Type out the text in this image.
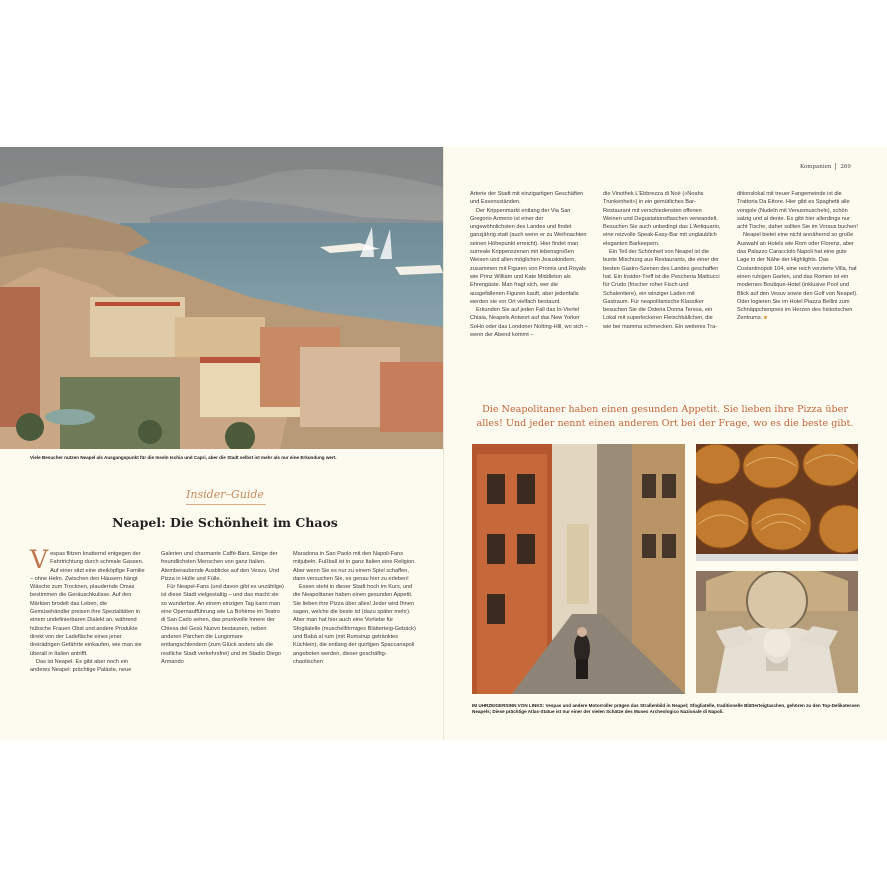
Viele Besucher nutzen Neapel als Ausgangspunkt für die Inseln Ischia und Capri, aber die Stadt selbst ist mehr als nur eine Erkundung wert.
Insider–Guide
Neapel: Die Schönheit im Chaos

Vespas flitzen knatternd entgegen der Fahrtrichtung durch schmale Gassen. Auf einer sitzt eine dreiköpfige Familie – ohne Helm. Zwischen den Häusern hängt Wäsche zum Trocknen, plaudernde Omas bestimmen die Geräuschkulisse. Auf den Märkten brodelt das Leben, die Gemüsehändler preisen ihre Spezialitäten in einem undefinierbaren Dialekt an, während hübsche Frauen Obst und andere Produkte direkt von der Ladefläche eines jener dreirädrigen Gefährte einkaufen, wie man sie überall in Italien antrifft.

Das ist Neapel. Es gibt aber noch ein anderes Neapel: prächtige Paläste, neue

Galerien und charmante Caffè-Bars. Einige der freundlichsten Menschen von ganz Italien. Atemberaubende Ausblicke auf den Vesuv. Und Pizza in Hülle und Fülle.

Für Neapel-Fans (und davon gibt es unzählige) ist diese Stadt vielgestaltig – und das macht sie so wunderbar. An einem einzigen Tag kann man eine Opernaufführung wie La Bohème im Teatro di San Carlo sehen, das prunkvolle Innere der Chiesa del Gesù Nuovo bestaunen, neben anderen Pärchen die Lungomare entlangschlendern (zum Glück anders als die restliche Stadt verkehrsfrei) und im Stadio Diego Armando

Maradona in San Paolo mit den Napoli-Fans mitjubeln. Fußball ist in ganz Italien eine Religion. Aber wenn Sie es nur zu einem Spiel schaffen, dann versuchen Sie, es genau hier zu erleben!

Essen steht in dieser Stadt hoch im Kurs, und die Neapolitaner haben einen gesunden Appetit. Sie lieben ihre Pizza über alles! Jeder wird Ihnen sagen, welche die beste ist (dazu später mehr). Aber man hat hier auch eine Vorliebe für Sfogliatelle (muschelförmiges Blätterteig-Gebäck) und Babà al rum (mit Rumsirup getränktes Küchlein), die entlang der quirligen Spaccanapoli angeboten werden, dieser geschäftig-chaotischen

Kompanien 269

Arterie der Stadt mit einzigartigen Geschäften und Essensständen.

Der Krippenmarkt entlang der Via San Gregorio Armeno ist einer der ungewöhnlichsten des Landes und findet ganzjährig statt (auch wenn er zu Weihnachten seinen Höhepunkt erreicht). Hier findet man surreale Krippenszenen mit lebensgroßen Weisen und allen möglichen Jesuskindern, zusammen mit Figuren von Promis und Royals wie Prinz William und Kate Middleton als Ehrengäste. Man fragt sich, wer die ausgefallenen Figuren kauft, aber jedenfalls werden sie vor Ort vielfach bestaunt.

Erkunden Sie auf jeden Fall das In-Viertel Chiaia, Neapels Antwort auf das New Yorker SoHo oder das Londoner Notting-Hill, wo sich – wenn der Abend kommt –

die Vinothek L'Ebbrezza di Noè («Noahs Trunkenheit») in ein gemütliches Bar-Restaurant mit verschiedensten offenen Weinen und Degustationsflaschen verwandelt. Besuchen Sie auch unbedingt das L'Antiquario, eine reizvolle Speak-Easy-Bar mit unglaublich eleganten Barkeepern.

Ein Teil der Schönheit von Neapel ist die bunte Mischung aus Restaurants, die einer der besten Gastro-Szenen des Landes geschaffen hat. Ein Insider-Treff ist die Pescheria Mattiucci für Crudo (frischer roher Fisch und Schalentiere), ein winziger Laden mit Gastraum. Für neapolitanische Klassiker besuchen Sie die Osteria Donna Teresa, ein Lokal mit superleckeren Fleischbällchen, die wie bei mamma schmecken. Ein weiteres Tra-

ditionslokal mit treuer Fangemeinde ist die Trattoria Da Ettore. Hier gibt es Spaghetti alle vongole (Nudeln mit Venusmuscheln), schön salzig und al dente. Es gibt hier allerdings nur acht Tische, daher sollten Sie im Voraus buchen!

Neapel bietet eine nicht annähernd so große Auswahl an Hotels wie Rom oder Florenz, aber das Palazzo Caracciolo Napoli hat eine gute Lage in der Nähe der Highlights. Das Costantinopoli 104, eine reich verzierte Villa, hat einen ruhigen Garten, und das Romeo ist ein modernes Boutique-Hotel (inklusive Pool und Blick auf den Vesuv sowie den Golf von Neapel). Oder logieren Sie im Hotel Piazza Bellini zum Schnäppchenpreis im Herzen des historischen Zentrums. ■

Die Neapolitaner haben einen gesunden Appetit. Sie lieben ihre Pizza über alles! Und jeder nennt einen anderen Ort bei der Frage, wo es die beste gibt.
IM UHRZEIGERSINN VON LINKS: Vespas und andere Motorroller prägen das Straßenbild in Neapel; Sfogliatelle, traditionelle Blätterteigtaschen, gehören zu den Top-Delikatessen Neapels; Diese prächtige Atlas-Statue ist nur einer der vielen Schätze des Museo Archeologico Nazionale di Napoli.
